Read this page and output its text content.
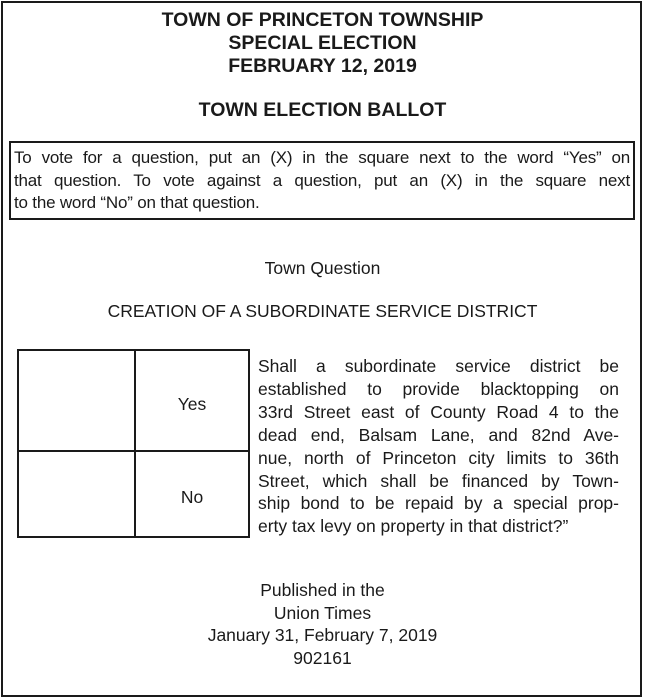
TOWN OF PRINCETON TOWNSHIP
SPECIAL ELECTION
FEBRUARY 12, 2019
TOWN ELECTION BALLOT
To vote for a question, put an (X) in the square next to the word “Yes” on
that question. To vote against a question, put an (X) in the square next
to the word “No” on that question.
Town Question
CREATION OF A SUBORDINATE SERVICE DISTRICT
Yes
No
Shall a subordinate service district be
established to provide blacktopping on
33rd Street east of County Road 4 to the
dead end, Balsam Lane, and 82nd Ave-
nue, north of Princeton city limits to 36th
Street, which shall be financed by Town-
ship bond to be repaid by a special prop-
erty tax levy on property in that district?”
Published in the
Union Times
January 31, February 7, 2019
902161
